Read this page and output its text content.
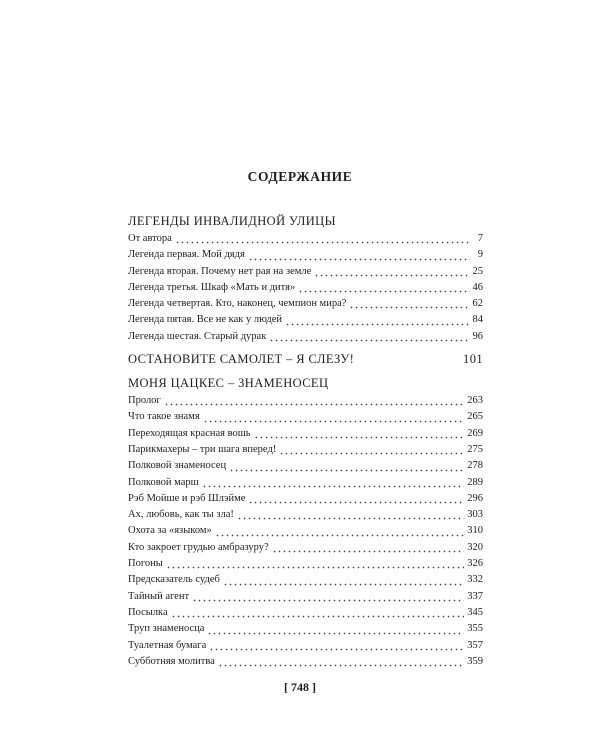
СОДЕРЖАНИЕ
ЛЕГЕНДЫ ИНВАЛИДНОЙ УЛИЦЫ
От автора	7
Легенда первая. Мой дядя	9
Легенда вторая. Почему нет рая на земле	25
Легенда третья. Шкаф «Мать и дитя»	46
Легенда четвертая. Кто, наконец, чемпион мира?	62
Легенда пятая. Все не как у людей	84
Легенда шестая. Старый дурак	96
ОСТАНОВИТЕ САМОЛЕТ – Я СЛЕЗУ!	101
МОНЯ ЦАЦКЕС – ЗНАМЕНОСЕЦ
Пролог	263
Что такое знамя	265
Переходящая красная вошь	269
Парикмахеры – три шага вперед!	275
Полковой знаменосец	278
Полковой марш	289
Рэб Мойше и рэб Шлэйме	296
Ах, любовь, как ты зла!	303
Охота за «языком»	310
Кто закроет грудью амбразуру?	320
Погоны	326
Предсказатель судеб	332
Тайный агент	337
Посылка	345
Труп знаменосца	355
Туалетная бумага	357
Субботняя молитва	359
[ 748 ]
